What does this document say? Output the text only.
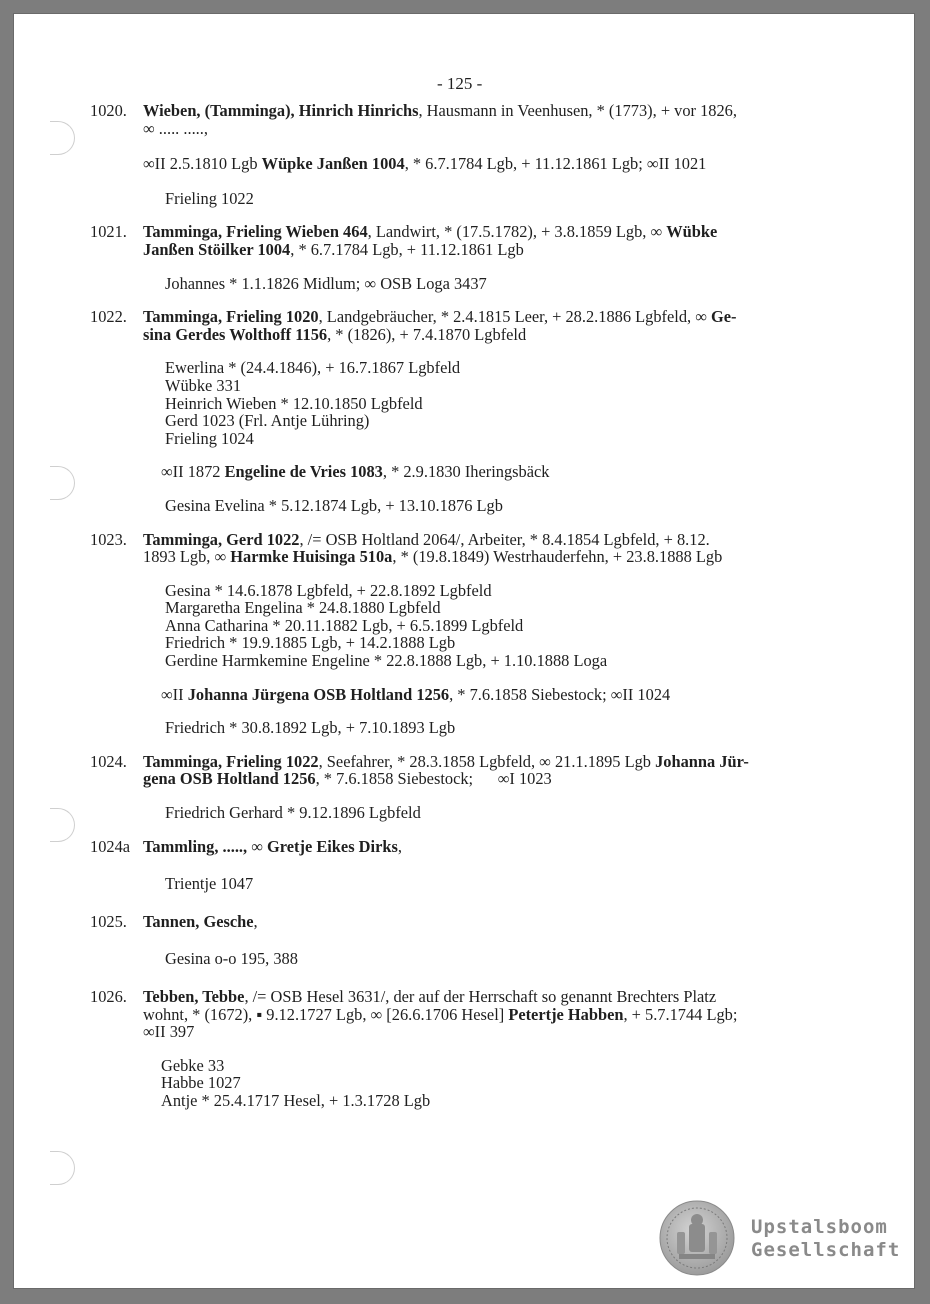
- 125 -
1020. Wieben, (Tamminga), Hinrich Hinrichs, Hausmann in Veenhusen, * (1773), + vor 1826,
∞ ..... .....,
∞II 2.5.1810 Lgb Wüpke Janßen 1004, * 6.7.1784 Lgb, + 11.12.1861 Lgb; ∞II 1021
Frieling 1022
1021. Tamminga, Frieling Wieben 464, Landwirt, * (17.5.1782), + 3.8.1859 Lgb, ∞ Wübke
Janßen Stöilker 1004, * 6.7.1784 Lgb, + 11.12.1861 Lgb
Johannes * 1.1.1826 Midlum; ∞ OSB Loga 3437
1022. Tamminga, Frieling 1020, Landgebräucher, * 2.4.1815 Leer, + 28.2.1886 Lgbfeld, ∞ Ge-
sina Gerdes Wolthoff 1156, * (1826), + 7.4.1870 Lgbfeld
Ewerlina * (24.4.1846), + 16.7.1867 Lgbfeld
Wübke 331
Heinrich Wieben * 12.10.1850 Lgbfeld
Gerd 1023 (Frl. Antje Lühring)
Frieling 1024
∞II 1872 Engeline de Vries 1083, * 2.9.1830 Iheringsbäck
Gesina Evelina * 5.12.1874 Lgb, + 13.10.1876 Lgb
1023. Tamminga, Gerd 1022, /= OSB Holtland 2064/, Arbeiter, * 8.4.1854 Lgbfeld, + 8.12.
1893 Lgb, ∞ Harmke Huisinga 510a, * (19.8.1849) Westrhauderfehn, + 23.8.1888 Lgb
Gesina * 14.6.1878 Lgbfeld, + 22.8.1892 Lgbfeld
Margaretha Engelina * 24.8.1880 Lgbfeld
Anna Catharina * 20.11.1882 Lgb, + 6.5.1899 Lgbfeld
Friedrich * 19.9.1885 Lgb, + 14.2.1888 Lgb
Gerdine Harmkemine Engeline * 22.8.1888 Lgb, + 1.10.1888 Loga
∞II Johanna Jürgena OSB Holtland 1256, * 7.6.1858 Siebestock; ∞II 1024
Friedrich * 30.8.1892 Lgb, + 7.10.1893 Lgb
1024. Tamminga, Frieling 1022, Seefahrer, * 28.3.1858 Lgbfeld, ∞ 21.1.1895 Lgb Johanna Jür-
gena OSB Holtland 1256, * 7.6.1858 Siebestock;      ∞I 1023
Friedrich Gerhard * 9.12.1896 Lgbfeld
1024a Tammling, ....., ∞ Gretje Eikes Dirks,
Trientje 1047
1025. Tannen, Gesche,
Gesina o-o 195, 388
1026. Tebben, Tebbe, /= OSB Hesel 3631/, der auf der Herrschaft so genannt Brechters Platz
wohnt, * (1672), ▪ 9.12.1727 Lgb, ∞ [26.6.1706 Hesel] Petertje Habben, + 5.7.1744 Lgb;
∞II 397
Gebke 33
Habbe 1027
Antje * 25.4.1717 Hesel, + 1.3.1728 Lgb
Upstalsboom
Gesellschaft
